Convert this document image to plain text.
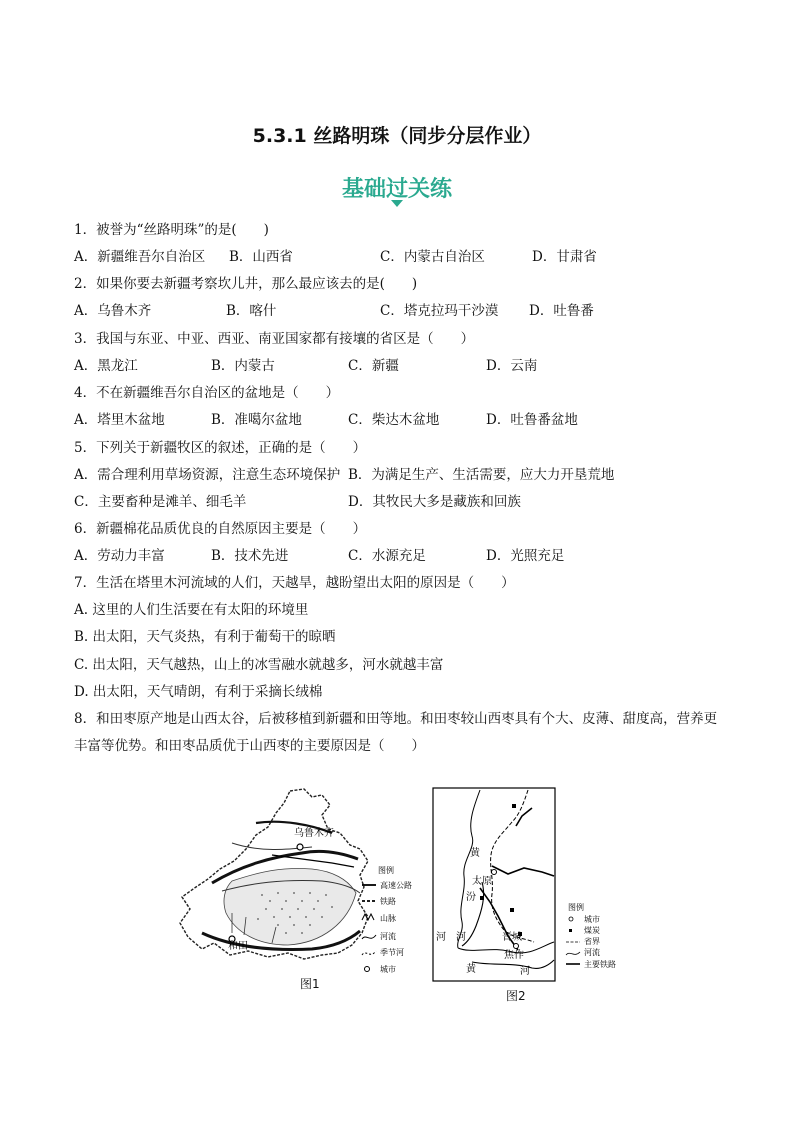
5.3.1 丝路明珠（同步分层作业）
基础过关练
1．被誉为“丝路明珠”的是(　　)
A．新疆维吾尔自治区 B．山西省	C．内蒙古自治区	D．甘肃省
2．如果你要去新疆考察坎儿井，那么最应该去的是(　　)
A．乌鲁木齐	B．喀什	C．塔克拉玛干沙漠 D．吐鲁番
3．我国与东亚、中亚、西亚、南亚国家都有接壤的省区是（　　）
A．黑龙江	B．内蒙古	C．新疆	D．云南
4．不在新疆维吾尔自治区的盆地是（　　）
A．塔里木盆地	B．准噶尔盆地	C．柴达木盆地	D．吐鲁番盆地
5．下列关于新疆牧区的叙述，正确的是（　　）
A．需合理利用草场资源，注意生态环境保护 B．为满足生产、生活需要，应大力开垦荒地
C．主要畜种是滩羊、细毛羊	D．其牧民大多是藏族和回族
6．新疆棉花品质优良的自然原因主要是（　　）
A．劳动力丰富	B．技术先进	C．水源充足	D．光照充足
7．生活在塔里木河流域的人们，天越旱，越盼望出太阳的原因是（　　）
A. 这里的人们生活要在有太阳的环境里
B. 出太阳，天气炎热，有利于葡萄干的晾晒
C. 出太阳，天气越热，山上的冰雪融水就越多，河水就越丰富
D. 出太阳，天气晴朗，有利于采摘长绒棉
8．和田枣原产地是山西太谷，后被移植到新疆和田等地。和田枣较山西枣具有个大、皮薄、甜度高，营养更丰富等优势。和田枣品质优于山西枣的主要原因是（　　）
乌鲁木齐
和田
图例
高速公路
铁路
山脉
河流
季节河
城市
图1
黄
太原
汾
河 河	晋城
焦作
黄	河
图例
城市
煤炭
省界
河流
主要铁路
图2
